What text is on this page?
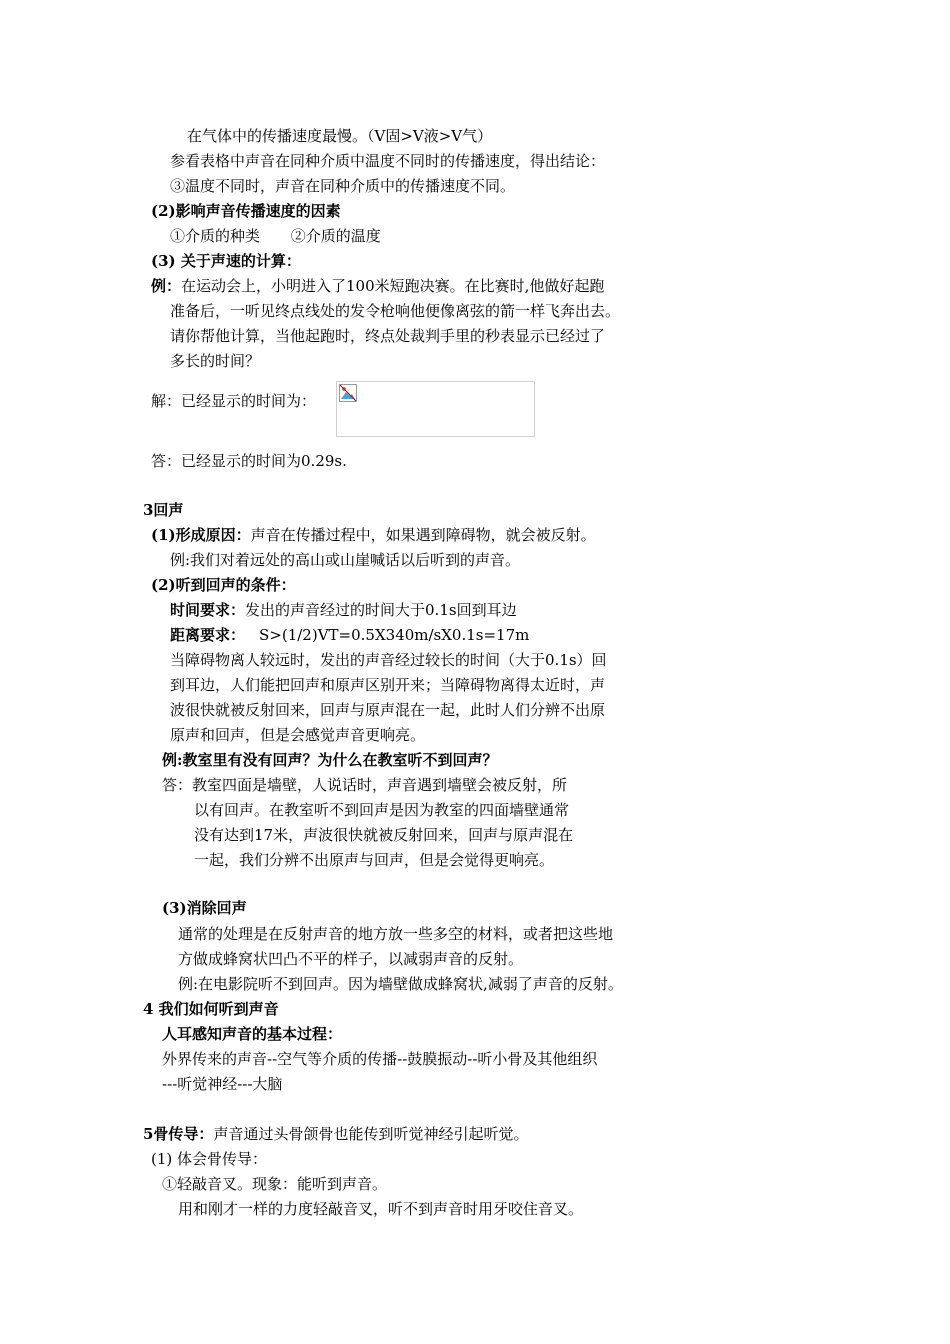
在气体中的传播速度最慢。（V固>V液>V气）
参看表格中声音在同种介质中温度不同时的传播速度，得出结论：
③温度不同时，声音在同种介质中的传播速度不同。
(2)影响声音传播速度的因素
①介质的种类 ②介质的温度
(3) 关于声速的计算：
例：在运动会上，小明进入了100米短跑决赛。在比赛时,他做好起跑
准备后，一听见终点线处的发令枪响他便像离弦的箭一样飞奔出去。
请你帮他计算，当他起跑时，终点处裁判手里的秒表显示已经过了
多长的时间？
解：已经显示的时间为：
答：已经显示的时间为0.29s.
3回声
(1)形成原因：声音在传播过程中，如果遇到障碍物，就会被反射。
例:我们对着远处的高山或山崖喊话以后听到的声音。
(2)听到回声的条件：
时间要求：发出的声音经过的时间大于0.1s回到耳边
距离要求： S>(1/2)VT=0.5X340m/sX0.1s=17m
当障碍物离人较远时，发出的声音经过较长的时间（大于0.1s）回
到耳边，人们能把回声和原声区别开来；当障碍物离得太近时，声
波很快就被反射回来，回声与原声混在一起，此时人们分辨不出原
原声和回声，但是会感觉声音更响亮。
例:教室里有没有回声？为什么在教室听不到回声？
答：教室四面是墙壁，人说话时，声音遇到墙壁会被反射，所
以有回声。在教室听不到回声是因为教室的四面墙壁通常
没有达到17米，声波很快就被反射回来，回声与原声混在
一起，我们分辨不出原声与回声，但是会觉得更响亮。
(3)消除回声
通常的处理是在反射声音的地方放一些多空的材料，或者把这些地
方做成蜂窝状凹凸不平的样子，以减弱声音的反射。
例:在电影院听不到回声。因为墙壁做成蜂窝状,减弱了声音的反射。
4 我们如何听到声音
人耳感知声音的基本过程：
外界传来的声音--空气等介质的传播--鼓膜振动--听小骨及其他组织
---听觉神经---大脑
5骨传导：声音通过头骨颌骨也能传到听觉神经引起听觉。
(1) 体会骨传导：
①轻敲音叉。现象：能听到声音。
用和刚才一样的力度轻敲音叉，听不到声音时用牙咬住音叉。
